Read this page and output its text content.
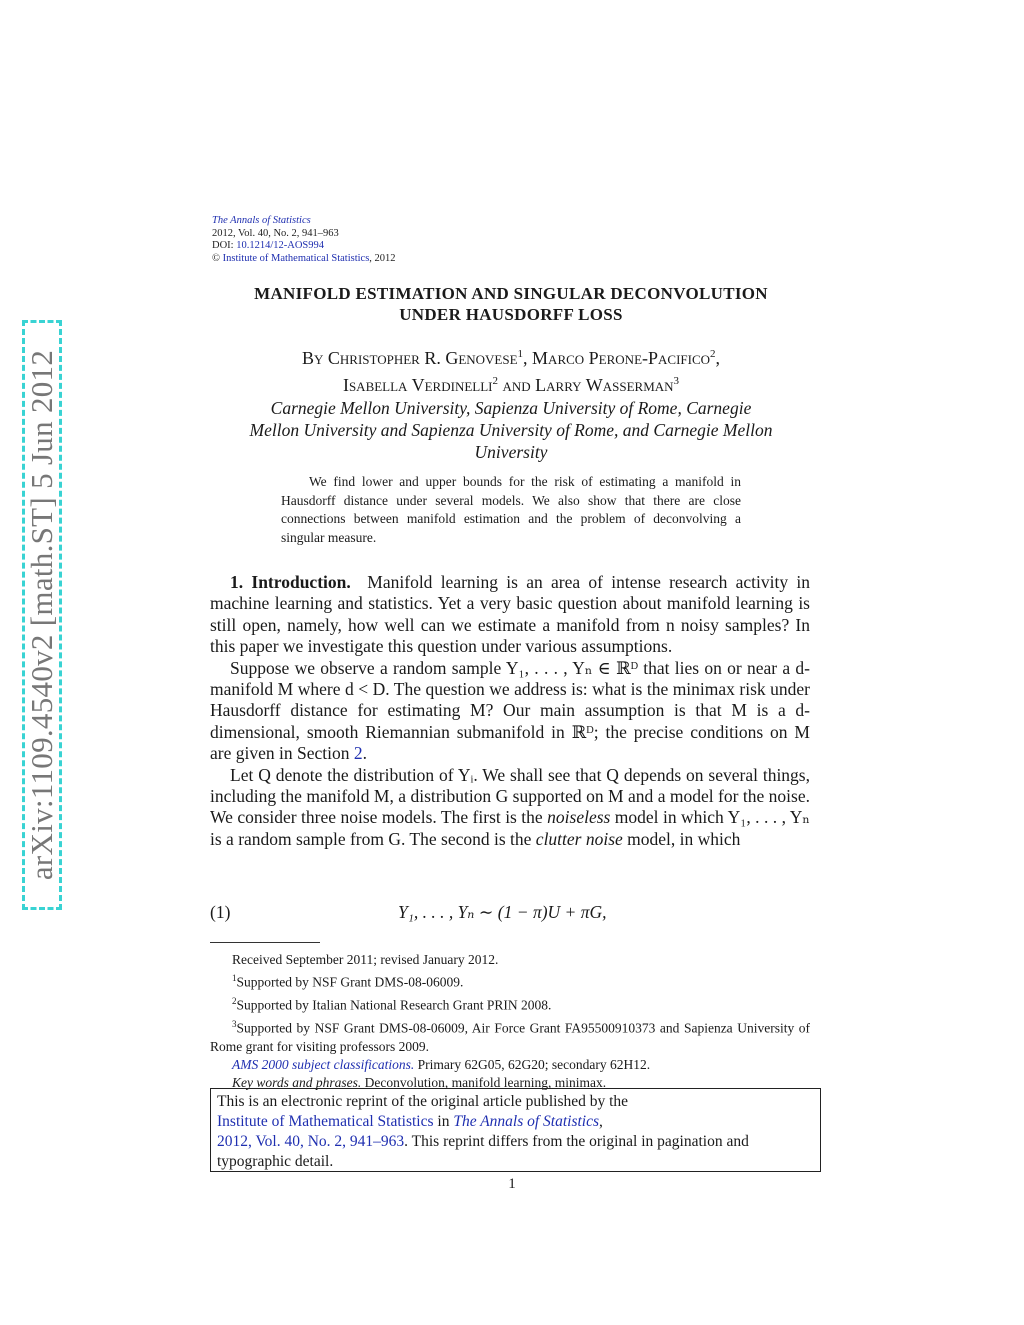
arXiv:1109.4540v2 [math.ST] 5 Jun 2012
The Annals of Statistics
2012, Vol. 40, No. 2, 941–963
DOI: 10.1214/12-AOS994
© Institute of Mathematical Statistics, 2012
MANIFOLD ESTIMATION AND SINGULAR DECONVOLUTION
UNDER HAUSDORFF LOSS
By Christopher R. Genovese$^1$, Marco Perone-Pacifico$^2$,
Isabella Verdinelli$^2$ and Larry Wasserman$^3$
Carnegie Mellon University, Sapienza University of Rome, Carnegie
Mellon University and Sapienza University of Rome, and Carnegie Mellon
University
We find lower and upper bounds for the risk of estimating a manifold in Hausdorff distance under several models. We also show that there are close connections between manifold estimation and the problem of deconvolving a singular measure.

1. Introduction. Manifold learning is an area of intense research activity in machine learning and statistics. Yet a very basic question about manifold learning is still open, namely, how well can we estimate a manifold from n noisy samples? In this paper we investigate this question under various assumptions.

Suppose we observe a random sample Y₁, . . . , Yₙ ∈ ℝᴰ that lies on or near a d-manifold M where d < D. The question we address is: what is the minimax risk under Hausdorff distance for estimating M? Our main assumption is that M is a d-dimensional, smooth Riemannian submanifold in ℝᴰ; the precise conditions on M are given in Section 2.

Let Q denote the distribution of Yᵢ. We shall see that Q depends on several things, including the manifold M, a distribution G supported on M and a model for the noise. We consider three noise models. The first is the noiseless model in which Y₁, . . . , Yₙ is a random sample from G. The second is the clutter noise model, in which

(1)	Y₁, . . . , Yₙ ∼ (1 − π)U + πG,

Received September 2011; revised January 2012.

$^1$Supported by NSF Grant DMS-08-06009.

$^2$Supported by Italian National Research Grant PRIN 2008.

$^3$Supported by NSF Grant DMS-08-06009, Air Force Grant FA95500910373 and Sapienza University of Rome grant for visiting professors 2009.

AMS 2000 subject classifications. Primary 62G05, 62G20; secondary 62H12.

Key words and phrases. Deconvolution, manifold learning, minimax.

This is an electronic reprint of the original article published by the
Institute of Mathematical Statistics in The Annals of Statistics,
2012, Vol. 40, No. 2, 941–963. This reprint differs from the original in pagination and typographic detail.
1
